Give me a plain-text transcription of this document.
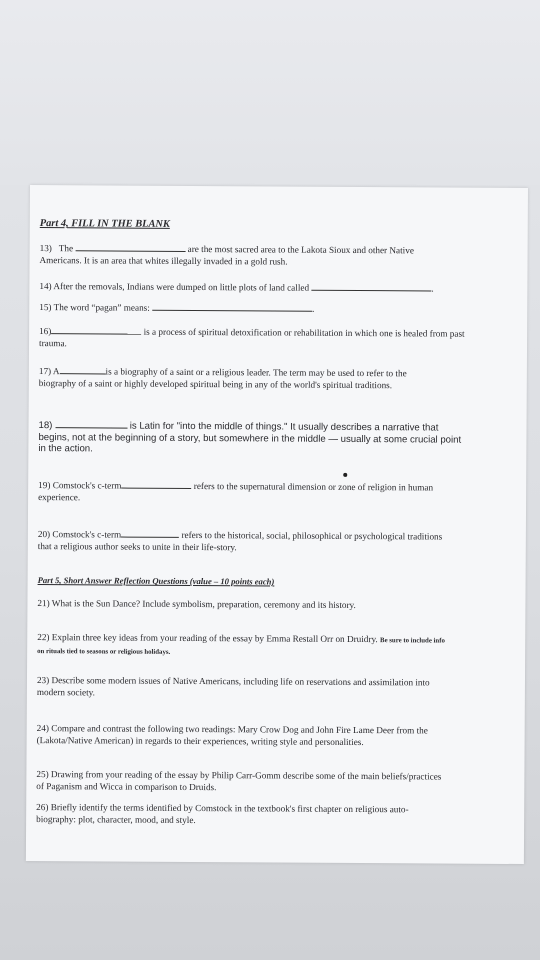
Part 4, FILL IN THE BLANK
13) The	are the most sacred area to the Lakota Sioux and other Native
Americans. It is an area that whites illegally invaded in a gold rush.
14) After the removals, Indians were dumped on little plots of land called	.
15) The word “pagan” means:	.
16)	is a process of spiritual detoxification or rehabilitation in which one is healed from past
trauma.
17) A	is a biography of a saint or a religious leader. The term may be used to refer to the
biography of a saint or highly developed spiritual being in any of the world's spiritual traditions.
18)	is Latin for "into the middle of things." It usually describes a narrative that
begins, not at the beginning of a story, but somewhere in the middle — usually at some crucial point
in the action.
19) Comstock's c-term	refers to the supernatural dimension or zone of religion in human
experience.
20) Comstock's c-term	refers to the historical, social, philosophical or psychological traditions
that a religious author seeks to unite in their life-story.
Part 5, Short Answer Reflection Questions (value – 10 points each)
21) What is the Sun Dance? Include symbolism, preparation, ceremony and its history.
22) Explain three key ideas from your reading of the essay by Emma Restall Orr on Druidry. Be sure to include info
on rituals tied to seasons or religious holidays.
23) Describe some modern issues of Native Americans, including life on reservations and assimilation into
modern society.
24) Compare and contrast the following two readings: Mary Crow Dog and John Fire Lame Deer from the
(Lakota/Native American) in regards to their experiences, writing style and personalities.
25) Drawing from your reading of the essay by Philip Carr-Gomm describe some of the main beliefs/practices
of Paganism and Wicca in comparison to Druids.
26) Briefly identify the terms identified by Comstock in the textbook's first chapter on religious auto-
biography: plot, character, mood, and style.
